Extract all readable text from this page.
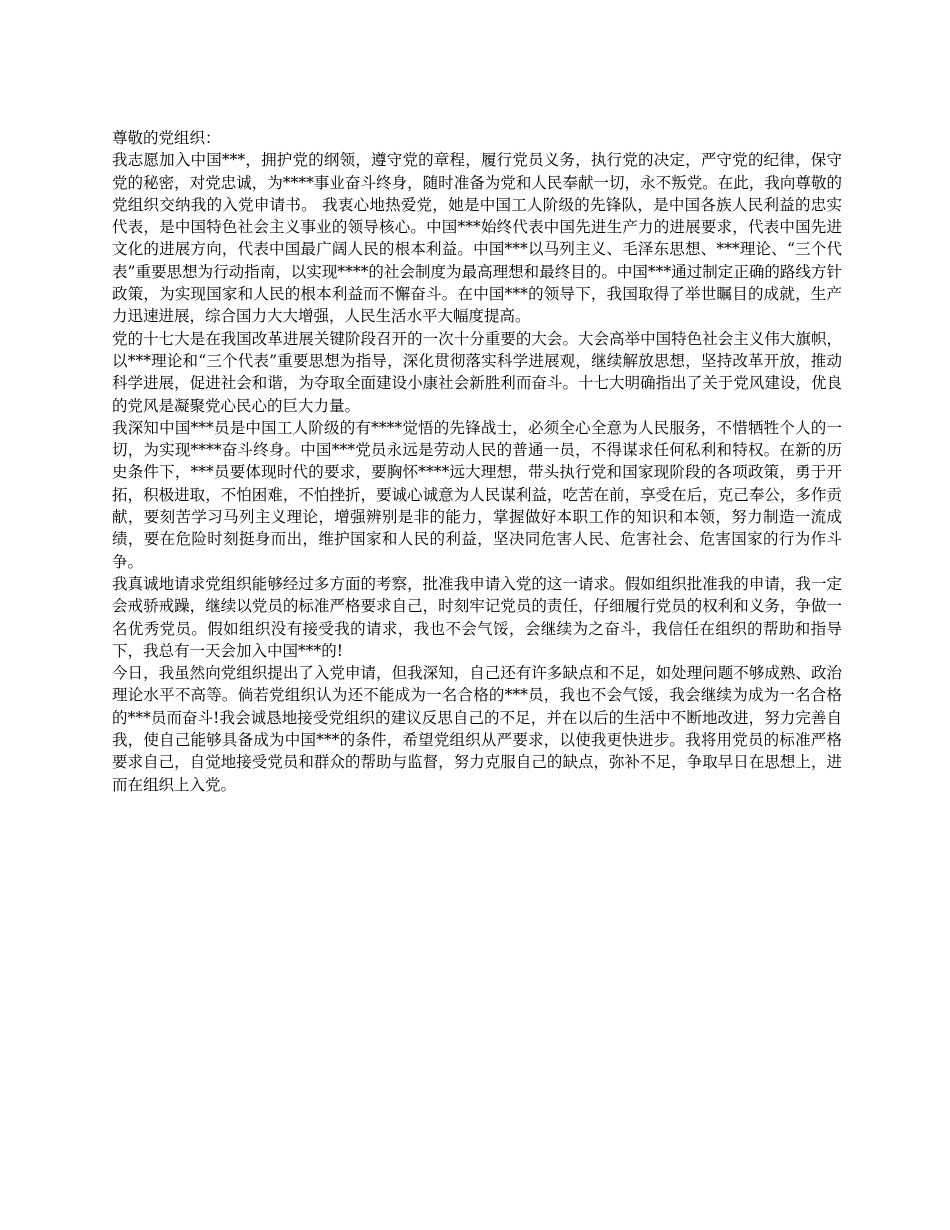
尊敬的党组织：

我志愿加入中国***，拥护党的纲领，遵守党的章程，履行党员义务，执行党的决定，严守党的纪律，保守党的秘密，对党忠诚，为****事业奋斗终身，随时准备为党和人民奉献一切，永不叛党。在此，我向尊敬的党组织交纳我的入党申请书。 我衷心地热爱党，她是中国工人阶级的先锋队，是中国各族人民利益的忠实代表，是中国特色社会主义事业的领导核心。中国***始终代表中国先进生产力的进展要求，代表中国先进文化的进展方向，代表中国最广阔人民的根本利益。中国***以马列主义、毛泽东思想、***理论、“三个代表”重要思想为行动指南，以实现****的社会制度为最高理想和最终目的。中国***通过制定正确的路线方针政策，为实现国家和人民的根本利益而不懈奋斗。在中国***的领导下，我国取得了举世瞩目的成就，生产力迅速进展，综合国力大大增强，人民生活水平大幅度提高。

党的十七大是在我国改革进展关键阶段召开的一次十分重要的大会。大会高举中国特色社会主义伟大旗帜，以***理论和“三个代表”重要思想为指导，深化贯彻落实科学进展观，继续解放思想，坚持改革开放，推动科学进展，促进社会和谐，为夺取全面建设小康社会新胜利而奋斗。十七大明确指出了关于党风建设，优良的党风是凝聚党心民心的巨大力量。

我深知中国***员是中国工人阶级的有****觉悟的先锋战士，必须全心全意为人民服务，不惜牺牲个人的一切，为实现****奋斗终身。中国***党员永远是劳动人民的普通一员，不得谋求任何私利和特权。在新的历史条件下，***员要体现时代的要求，要胸怀****远大理想，带头执行党和国家现阶段的各项政策，勇于开拓，积极进取，不怕困难，不怕挫折，要诚心诚意为人民谋利益，吃苦在前，享受在后，克己奉公，多作贡献，要刻苦学习马列主义理论，增强辨别是非的能力，掌握做好本职工作的知识和本领，努力制造一流成绩，要在危险时刻挺身而出，维护国家和人民的利益，坚决同危害人民、危害社会、危害国家的行为作斗争。

我真诚地请求党组织能够经过多方面的考察，批准我申请入党的这一请求。假如组织批准我的申请，我一定会戒骄戒躁，继续以党员的标准严格要求自己，时刻牢记党员的责任，仔细履行党员的权利和义务，争做一名优秀党员。假如组织没有接受我的请求，我也不会气馁，会继续为之奋斗，我信任在组织的帮助和指导下，我总有一天会加入中国***的!

今日，我虽然向党组织提出了入党申请，但我深知，自己还有许多缺点和不足，如处理问题不够成熟、政治理论水平不高等。倘若党组织认为还不能成为一名合格的***员，我也不会气馁，我会继续为成为一名合格的***员而奋斗!我会诚恳地接受党组织的建议反思自己的不足，并在以后的生活中不断地改进，努力完善自我，使自己能够具备成为中国***的条件，希望党组织从严要求，以使我更快进步。我将用党员的标准严格要求自己，自觉地接受党员和群众的帮助与监督，努力克服自己的缺点，弥补不足，争取早日在思想上，进而在组织上入党。
